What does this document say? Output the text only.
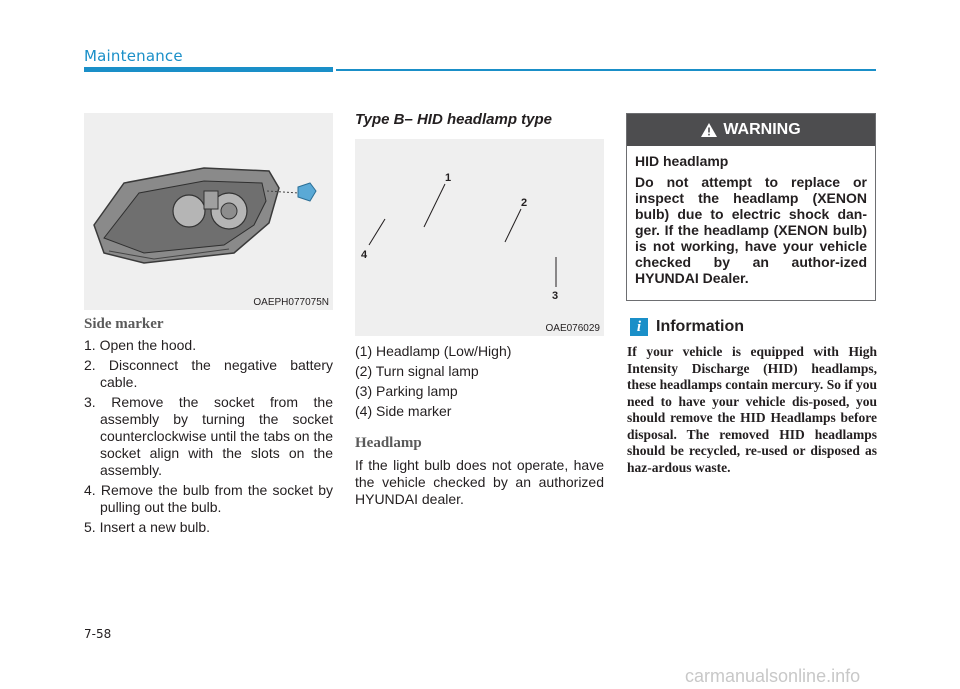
Maintenance
OAEPH077075N
Side marker

1. Open the hood.

2. Disconnect the negative battery cable.

3. Remove the socket from the assembly by turning the socket counterclockwise until the tabs on the socket align with the slots on the assembly.

4. Remove the bulb from the socket by pulling out the bulb.

5. Insert a new bulb.

Type B– HID headlamp type
1
2
3
4
OAE076029
(1) Headlamp (Low/High)
(2) Turn signal lamp
(3) Parking lamp
(4) Side marker
Headlamp

If the light bulb does not operate, have the vehicle checked by an authorized HYUNDAI dealer.

WARNING

HID headlamp

Do not attempt to replace or inspect the headlamp (XENON bulb) due to electric shock dan-ger. If the headlamp (XENON bulb) is not working, have your vehicle checked by an author-ized HYUNDAI Dealer.

i Information
If your vehicle is equipped with High Intensity Discharge (HID) headlamps, these headlamps contain mercury. So if you need to have your vehicle dis-posed, you should remove the HID Headlamps before disposal. The removed HID headlamps should be recycled, re-used or disposed as haz-ardous waste.
7-58
carmanualsonline.info
